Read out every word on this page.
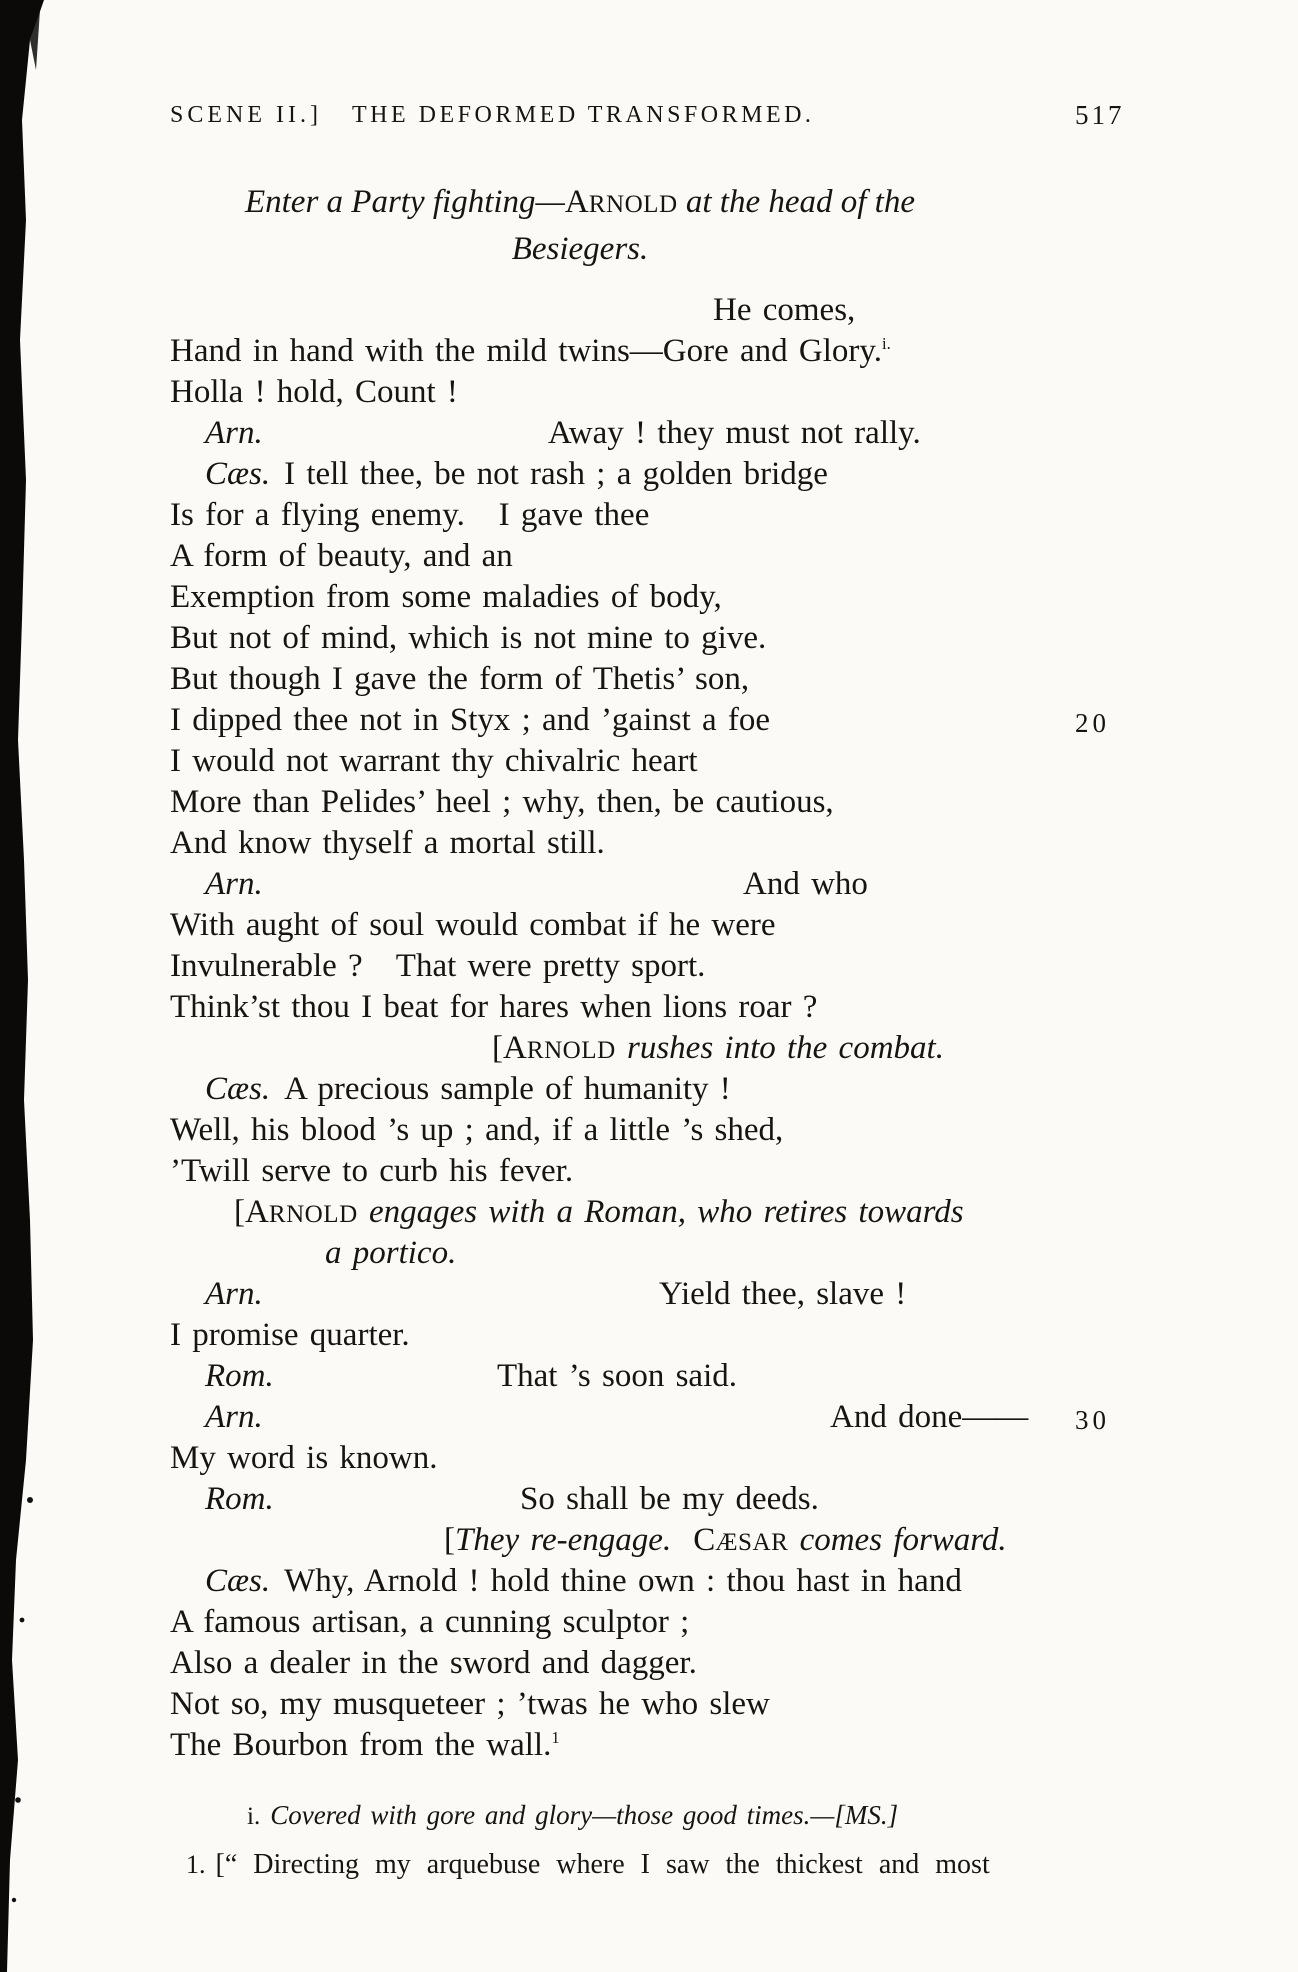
SCENE II.] THE DEFORMED TRANSFORMED.	517
Enter a Party fighting—ARNOLD at the head of the
Besiegers.
He comes,
Hand in hand with the mild twins—Gore and Glory.$^{i.}$
Holla ! hold, Count !
Arn.	Away ! they must not rally.
Cæs. I tell thee, be not rash ; a golden bridge
Is for a flying enemy.   I gave thee
A form of beauty, and an
Exemption from some maladies of body,
But not of mind, which is not mine to give.
But though I gave the form of Thetis’ son,
I dipped thee not in Styx ; and ’gainst a foe	20
I would not warrant thy chivalric heart
More than Pelides’ heel ; why, then, be cautious,
And know thyself a mortal still.
Arn.	And who
With aught of soul would combat if he were
Invulnerable ?   That were pretty sport.
Think’st thou I beat for hares when lions roar ?
[ARNOLD rushes into the combat.
Cæs. A precious sample of humanity !
Well, his blood ’s up ; and, if a little ’s shed,
’Twill serve to curb his fever.
[ARNOLD engages with a Roman, who retires towards
a portico.
Arn.	Yield thee, slave !
I promise quarter.
Rom.	That ’s soon said.
Arn.	And done—— 30
My word is known.
Rom.	So shall be my deeds.
[They re-engage. CÆSAR comes forward.
Cæs. Why, Arnold ! hold thine own : thou hast in hand
A famous artisan, a cunning sculptor ;
Also a dealer in the sword and dagger.
Not so, my musqueteer ; ’twas he who slew
The Bourbon from the wall.$^1$
i. Covered with gore and glory—those good times.—[MS.]
1. [“ Directing my arquebuse where I saw the thickest and most
